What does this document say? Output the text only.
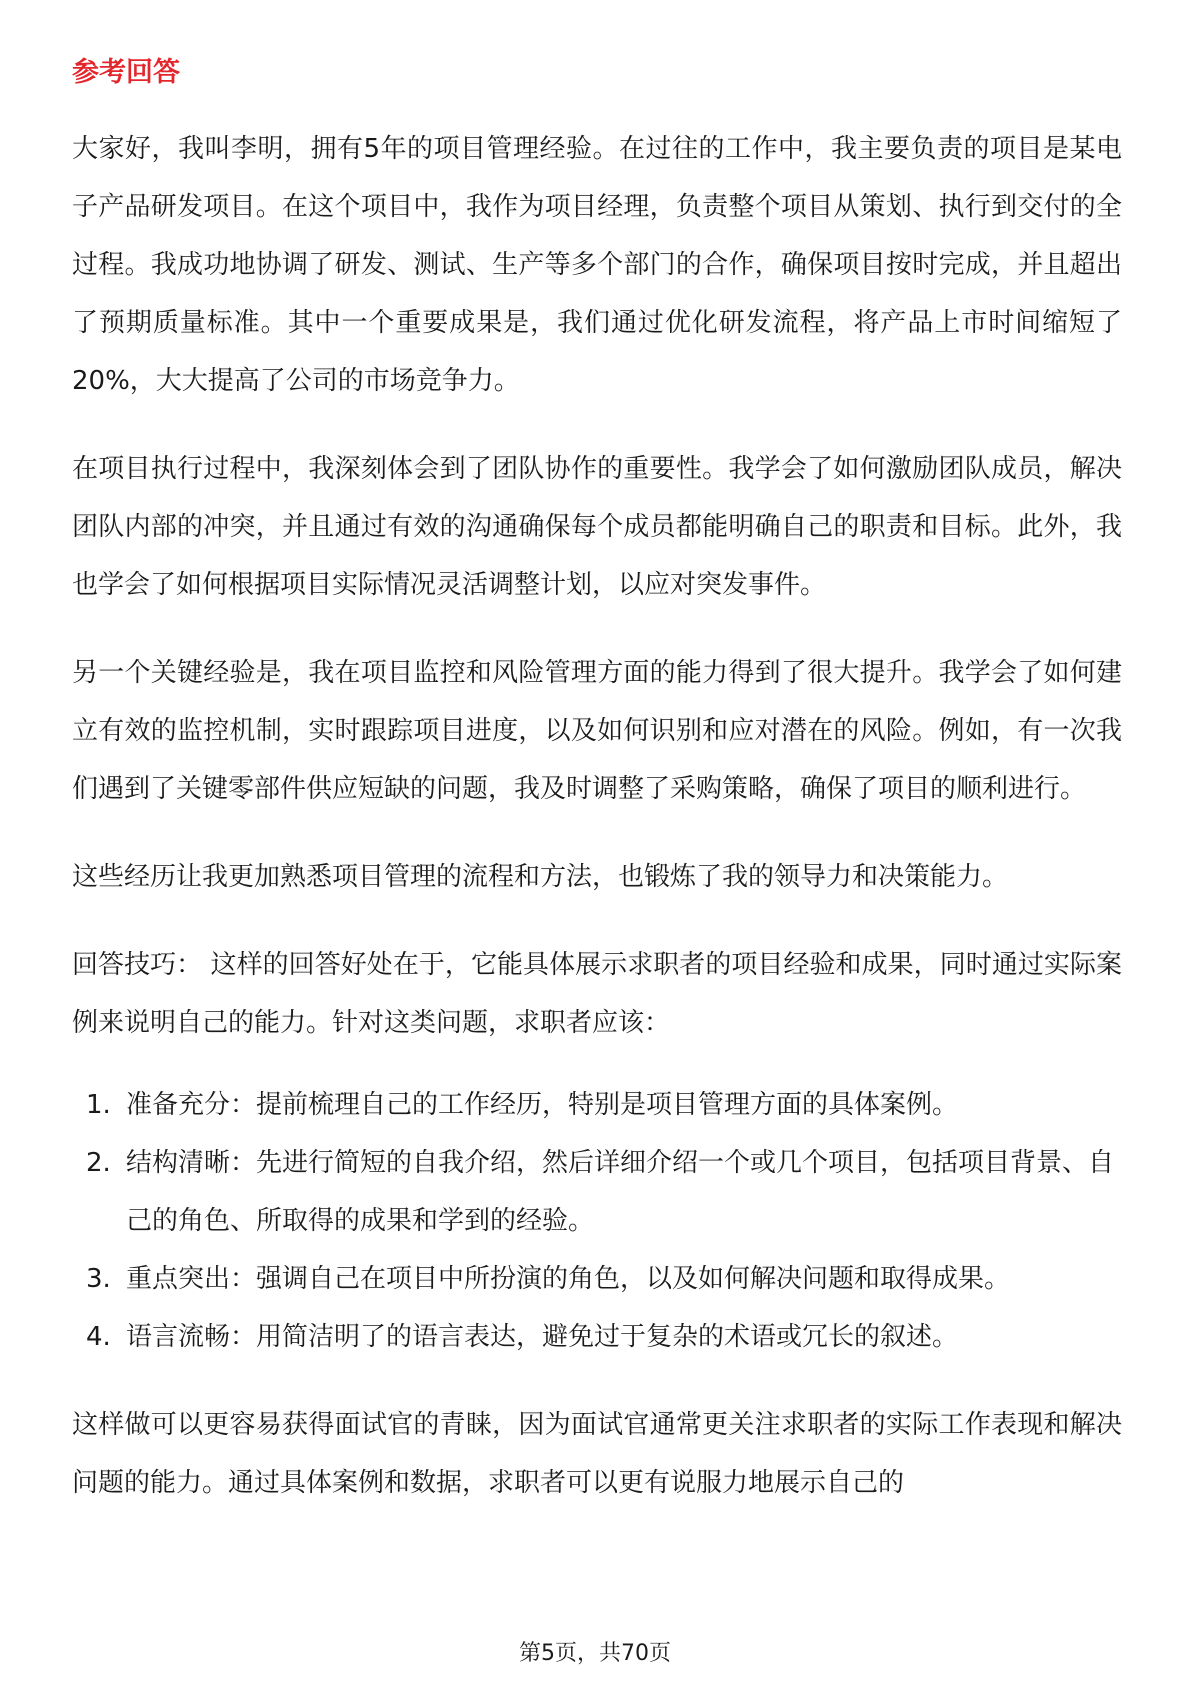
参考回答

大家好，我叫李明，拥有5年的项目管理经验。在过往的工作中，我主要负责的项目是某电子产品研发项目。在这个项目中，我作为项目经理，负责整个项目从策划、执行到交付的全过程。我成功地协调了研发、测试、生产等多个部门的合作，确保项目按时完成，并且超出了预期质量标准。其中一个重要成果是，我们通过优化研发流程，将产品上市时间缩短了20%，大大提高了公司的市场竞争力。

在项目执行过程中，我深刻体会到了团队协作的重要性。我学会了如何激励团队成员，解决团队内部的冲突，并且通过有效的沟通确保每个成员都能明确自己的职责和目标。此外，我也学会了如何根据项目实际情况灵活调整计划，以应对突发事件。

另一个关键经验是，我在项目监控和风险管理方面的能力得到了很大提升。我学会了如何建立有效的监控机制，实时跟踪项目进度，以及如何识别和应对潜在的风险。例如，有一次我们遇到了关键零部件供应短缺的问题，我及时调整了采购策略，确保了项目的顺利进行。

这些经历让我更加熟悉项目管理的流程和方法，也锻炼了我的领导力和决策能力。

回答技巧： 这样的回答好处在于，它能具体展示求职者的项目经验和成果，同时通过实际案例来说明自己的能力。针对这类问题，求职者应该：

1. 准备充分：提前梳理自己的工作经历，特别是项目管理方面的具体案例。
2. 结构清晰：先进行简短的自我介绍，然后详细介绍一个或几个项目，包括项目背景、自己的角色、所取得的成果和学到的经验。
3. 重点突出：强调自己在项目中所扮演的角色，以及如何解决问题和取得成果。
4. 语言流畅：用简洁明了的语言表达，避免过于复杂的术语或冗长的叙述。

这样做可以更容易获得面试官的青睐，因为面试官通常更关注求职者的实际工作表现和解决问题的能力。通过具体案例和数据，求职者可以更有说服力地展示自己的

第5页，共70页
